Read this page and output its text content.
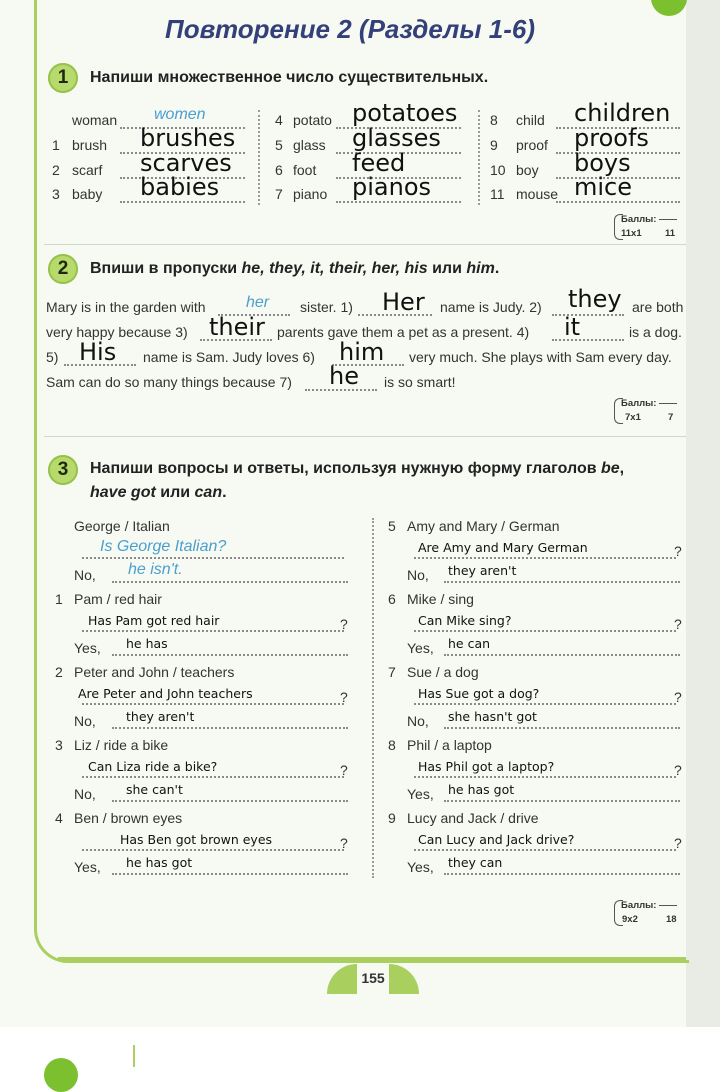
Повторение 2 (Разделы 1-6)
1	Напиши множественное число существительных.
woman women
1 brush brushes
2 scarf scarves
3 baby babies
4 potato potatoes
5 glass glasses
6 foot feed
7 piano pianos
8 child children
9 proof proofs
10 boy boys
11 mouse mice
Баллы:
11x1 11
2	Впиши в пропуски he, they, it, their, her, his или him.
Mary is in the garden with	her sister. 1) Her name is Judy. 2) they are both
very happy because 3) their parents gave them a pet as a present. 4) it	is a dog.
5) His name is Sam. Judy loves 6) him very much. She plays with Sam every day.
Sam can do so many things because 7) he is so smart!
Баллы:
7x1	7
3	Напиши вопросы и ответы, используя нужную форму глаголов be,
have got или can.
George / Italian
Is George Italian?
No, he isn't.
1 Pam / red hair
Has Pam got red hair	?
Yes, he has
2 Peter and John / teachers
Are Peter and John teachers	?
No, they aren't
3 Liz / ride a bike
Can Liza ride a bike?	?
No, she can't
4 Ben / brown eyes
Has Ben got brown eyes	?
Yes, he has got
5 Amy and Mary / German
Are Amy and Mary German	?
No, they aren't
6 Mike / sing
Can Mike sing?	?
Yes, he can
7 Sue / a dog
Has Sue got a dog?	?
No, she hasn't got
8 Phil / a laptop
Has Phil got a laptop?	?
Yes, he has got
9 Lucy and Jack / drive
Can Lucy and Jack drive?	?
Yes, they can
Баллы:
9x2	18
155
